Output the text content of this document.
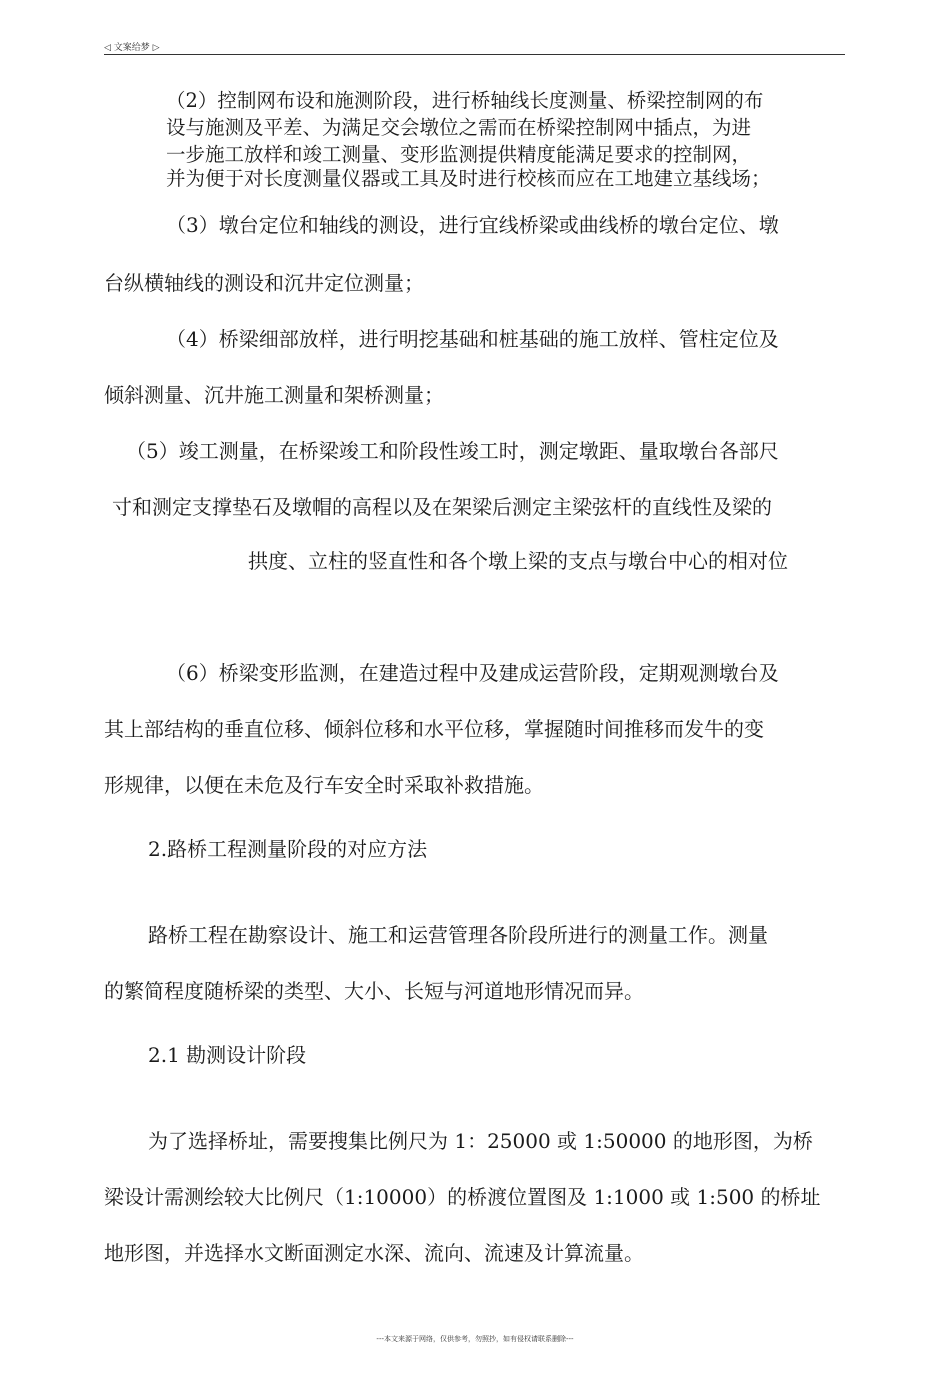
◁ 文案给梦 ▷
（2）控制网布设和施测阶段，进行桥轴线长度测量、桥梁控制网的布
设与施测及平差、为满足交会墩位之需而在桥梁控制网中插点，为进
一步施工放样和竣工测量、变形监测提供精度能满足要求的控制网，
并为便于对长度测量仪器或工具及时进行校核而应在工地建立基线场；
（3）墩台定位和轴线的测设，进行宜线桥梁或曲线桥的墩台定位、墩
台纵横轴线的测设和沉井定位测量；
（4）桥梁细部放样，进行明挖基础和桩基础的施工放样、管柱定位及
倾斜测量、沉井施工测量和架桥测量；
（5）竣工测量，在桥梁竣工和阶段性竣工时，测定墩距、量取墩台各部尺
寸和测定支撑垫石及墩帽的高程以及在架梁后测定主梁弦杆的直线性及梁的
拱度、立柱的竖直性和各个墩上梁的支点与墩台中心的相对位
（6）桥梁变形监测，在建造过程中及建成运营阶段，定期观测墩台及
其上部结构的垂直位移、倾斜位移和水平位移，掌握随时间推移而发牛的变
形规律，以便在未危及行车安全时采取补救措施。
2.路桥工程测量阶段的对应方法
路桥工程在勘察设计、施工和运营管理各阶段所进行的测量工作。测量
的繁简程度随桥梁的类型、大小、长短与河道地形情况而异。
2.1 勘测设计阶段
为了选择桥址，需要搜集比例尺为 1：25000 或 1:50000 的地形图，为桥
梁设计需测绘较大比例尺（1:10000）的桥渡位置图及 1:1000 或 1:500 的桥址
地形图，并选择水文断面测定水深、流向、流速及计算流量。
---本文来源于网络，仅供参考，勿照抄，如有侵权请联系删除---
